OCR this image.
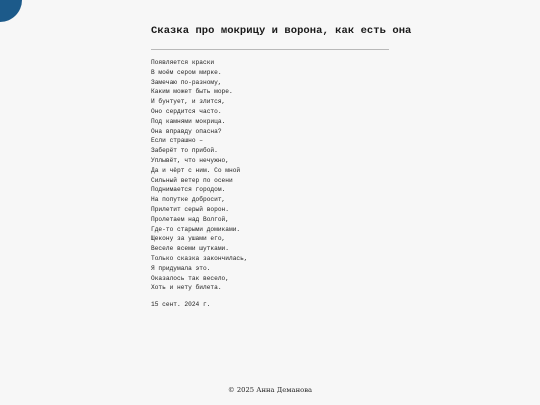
Сказка про мокрицу и ворона, как есть она
Появляется краски
В моём сером мирке.
Замечаю по-разному,
Каким может быть море.
И бунтует, и злится,
Оно сердится часто.
Под камнями мокрица.
Она вправду опасна?
Если страшно –
Заберёт то прибой.
Уплывёт, что нечужно,
Да и чёрт с ним. Со мной
Сильный ветер по осени
Поднимается городом.
На попутке добросит,
Прилетит серый ворон.
Пролетаем над Волгой,
Где-то старыми домиками.
Щекону за ушами его,
Веселе всеми шутками.
Только сказка закончилась,
Я придумала это.
Оказалось так весело,
Хоть и нету билета.
15 сент. 2024 г.
© 2025 Анна Деманова
